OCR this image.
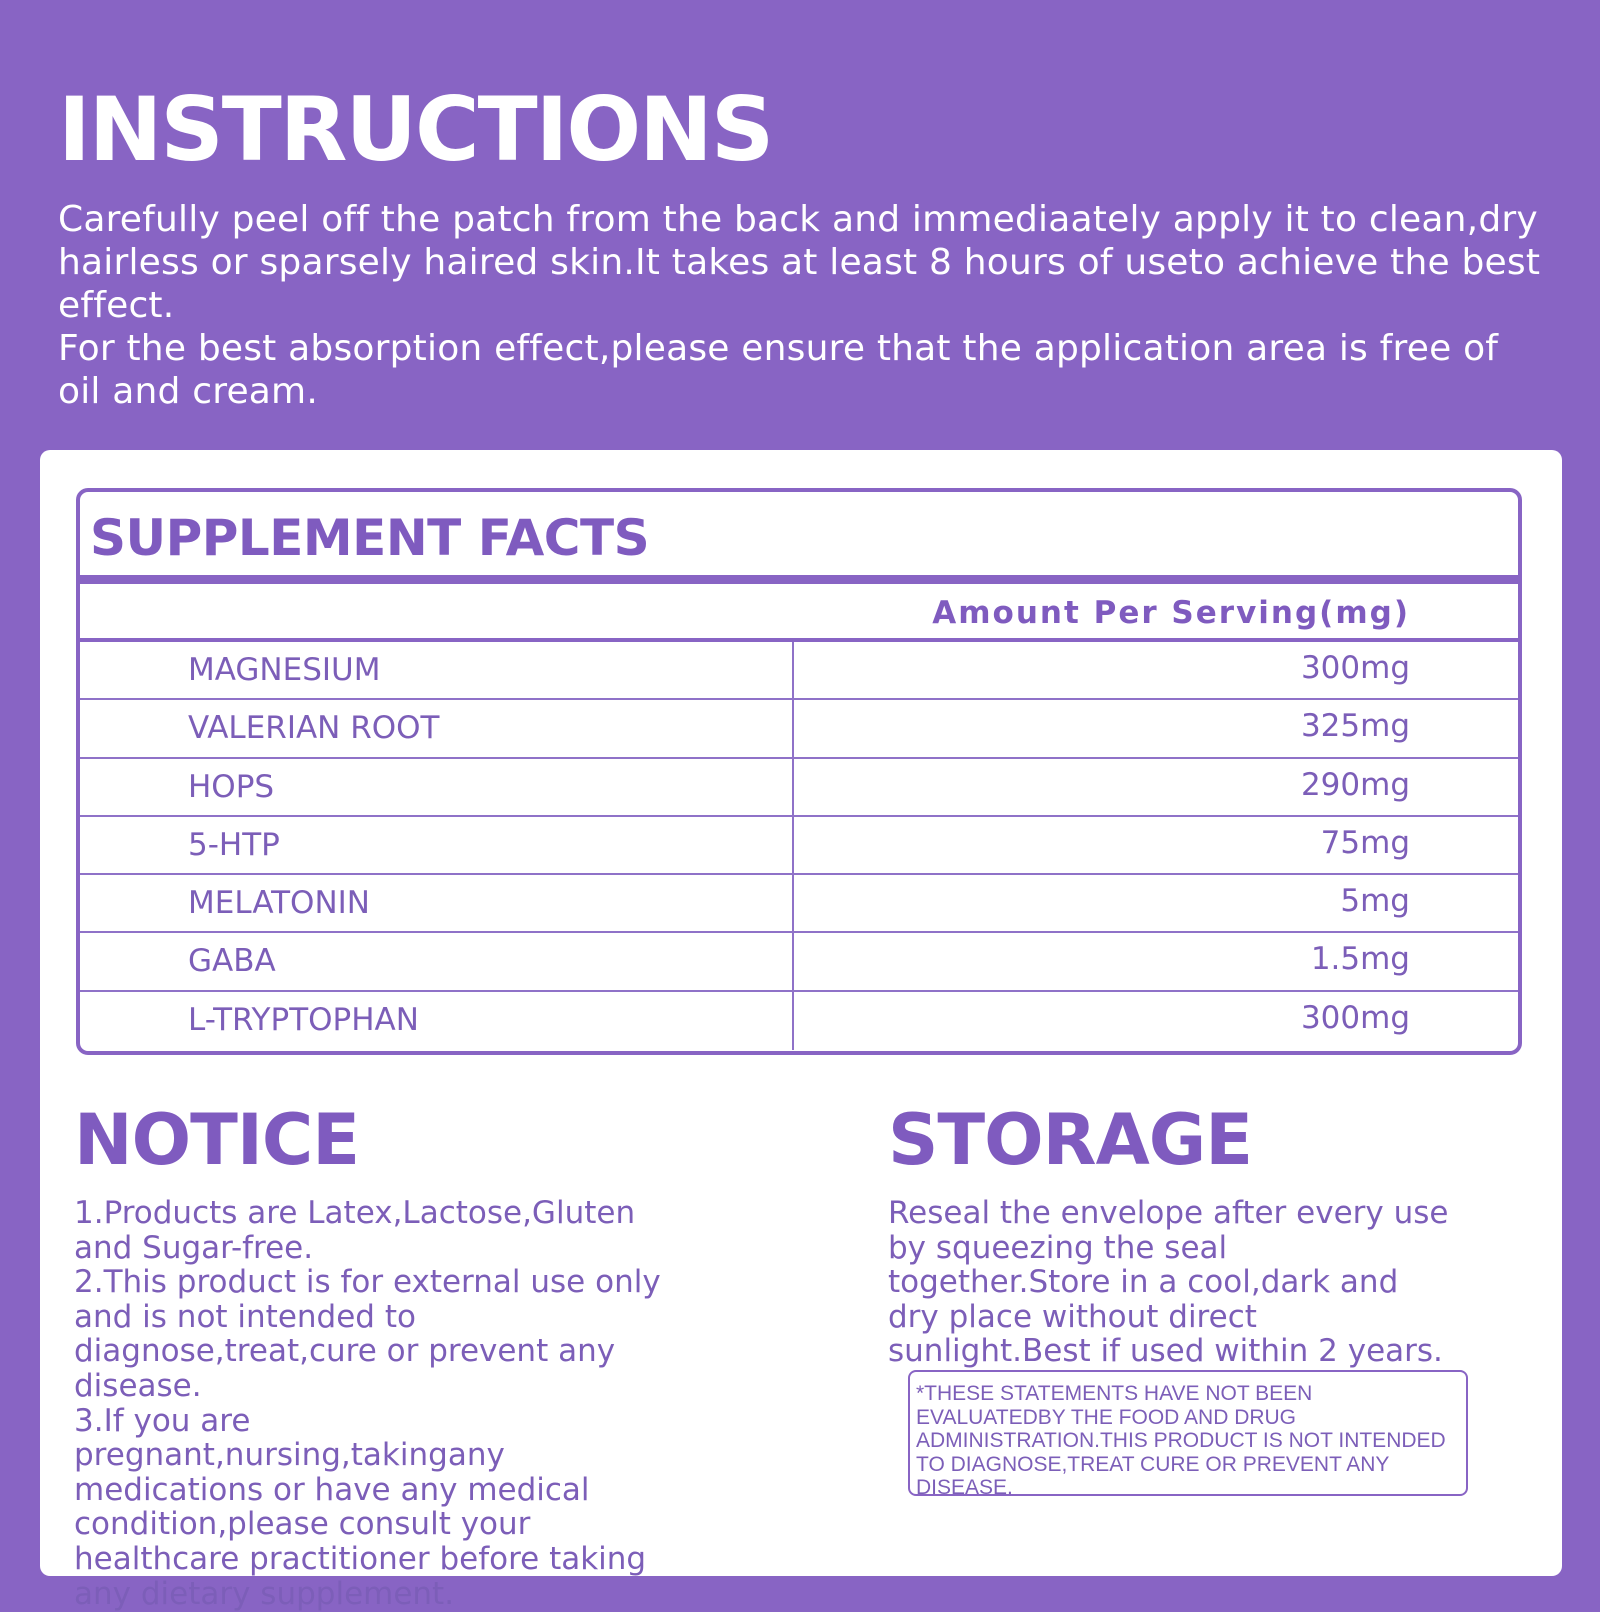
INSTRUCTIONS

Carefully peel off the patch from the back and immediaately apply it to clean,dry hairless or sparsely haired skin.It takes at least 8 hours of useto achieve the best effect.

For the best absorption effect,please ensure that the application area is free of oil and cream.

SUPPLEMENT FACTS
Amount Per Serving(mg)
MAGNESIUM	300mg
VALERIAN ROOT	325mg
HOPS	290mg
5-HTP	75mg
MELATONIN	5mg
GABA	1.5mg
L-TRYPTOPHAN	300mg
NOTICE

1.Products are Latex,Lactose,Gluten and Sugar-free.

2.This product is for external use only and is not intended to diagnose,treat,cure or prevent any disease.

3.If you are pregnant,nursing,takingany medications or have any medical condition,please consult your healthcare practitioner before taking any dietary supplement.

STORAGE

Reseal the envelope after every use by squeezing the seal together.Store in a cool,dark and dry place without direct sunlight.Best if used within 2 years.

*THESE STATEMENTS HAVE NOT BEEN EVALUATEDBY THE FOOD AND DRUG ADMINISTRATION.THIS PRODUCT IS NOT INTENDED TO DIAGNOSE,TREAT CURE OR PREVENT ANY DISEASE.
